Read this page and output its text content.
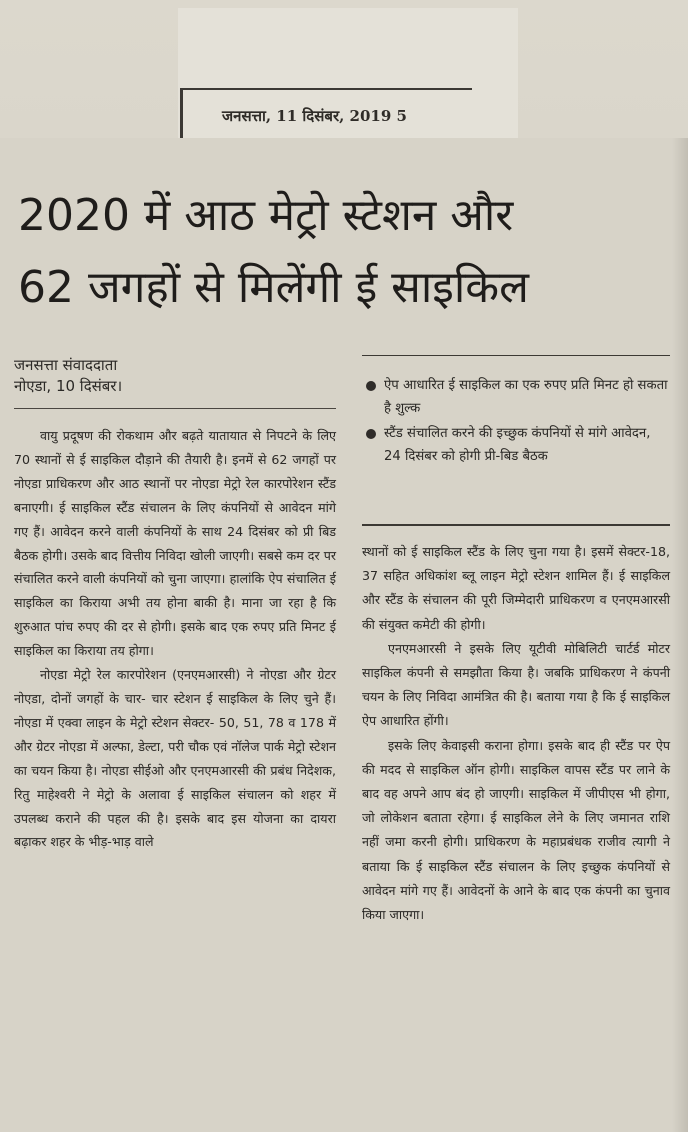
जनसत्ता, 11 दिसंबर, 2019 5
2020 में आठ मेट्रो स्टेशन और
62 जगहों से मिलेंगी ई साइकिल
जनसत्ता संवाददाता
नोएडा, 10 दिसंबर।

वायु प्रदूषण की रोकथाम और बढ़ते यातायात से निपटने के लिए 70 स्थानों से ई साइकिल दौड़ाने की तैयारी है। इनमें से 62 जगहों पर नोएडा प्राधिकरण और आठ स्थानों पर नोएडा मेट्रो रेल कारपोरेशन स्टैंड बनाएगी। ई साइकिल स्टैंड संचालन के लिए कंपनियों से आवेदन मांगे गए हैं। आवेदन करने वाली कंपनियों के साथ 24 दिसंबर को प्री बिड बैठक होगी। उसके बाद वित्तीय निविदा खोली जाएगी। सबसे कम दर पर संचालित करने वाली कंपनियों को चुना जाएगा। हालांकि ऐप संचालित ई साइकिल का किराया अभी तय होना बाकी है। माना जा रहा है कि शुरुआत पांच रुपए की दर से होगी। इसके बाद एक रुपए प्रति मिनट ई साइकिल का किराया तय होगा।

नोएडा मेट्रो रेल कारपोरेशन (एनएमआरसी) ने नोएडा और ग्रेटर नोएडा, दोनों जगहों के चार- चार स्टेशन ई साइकिल के लिए चुने हैं। नोएडा में एक्वा लाइन के मेट्रो स्टेशन सेक्टर- 50, 51, 78 व 178 में और ग्रेटर नोएडा में अल्फा, डेल्टा, परी चौक एवं नॉलेज पार्क मेट्रो स्टेशन का चयन किया है। नोएडा सीईओ और एनएमआरसी की प्रबंध निदेशक, रितु माहेश्वरी ने मेट्रो के अलावा ई साइकिल संचालन को शहर में उपलब्ध कराने की पहल की है। इसके बाद इस योजना का दायरा बढ़ाकर शहर के भीड़-भाड़ वाले

ऐप आधारित ई साइकिल का एक रुपए प्रति मिनट हो सकता है शुल्क
स्टैंड संचालित करने की इच्छुक कंपनियों से मांगे आवेदन, 24 दिसंबर को होगी प्री-बिड बैठक

स्थानों को ई साइकिल स्टैंड के लिए चुना गया है। इसमें सेक्टर-18, 37 सहित अधिकांश ब्लू लाइन मेट्रो स्टेशन शामिल हैं। ई साइकिल और स्टैंड के संचालन की पूरी जिम्मेदारी प्राधिकरण व एनएमआरसी की संयुक्त कमेटी की होगी।

एनएमआरसी ने इसके लिए यूटीवी मोबिलिटी चार्टर्ड मोटर साइकिल कंपनी से समझौता किया है। जबकि प्राधिकरण ने कंपनी चयन के लिए निविदा आमंत्रित की है। बताया गया है कि ई साइकिल ऐप आधारित होंगी।

इसके लिए केवाइसी कराना होगा। इसके बाद ही स्टैंड पर ऐप की मदद से साइकिल ऑन होगी। साइकिल वापस स्टैंड पर लाने के बाद वह अपने आप बंद हो जाएगी। साइकिल में जीपीएस भी होगा, जो लोकेशन बताता रहेगा। ई साइकिल लेने के लिए जमानत राशि नहीं जमा करनी होगी। प्राधिकरण के महाप्रबंधक राजीव त्यागी ने बताया कि ई साइकिल स्टैंड संचालन के लिए इच्छुक कंपनियों से आवेदन मांगे गए हैं। आवेदनों के आने के बाद एक कंपनी का चुनाव किया जाएगा।
